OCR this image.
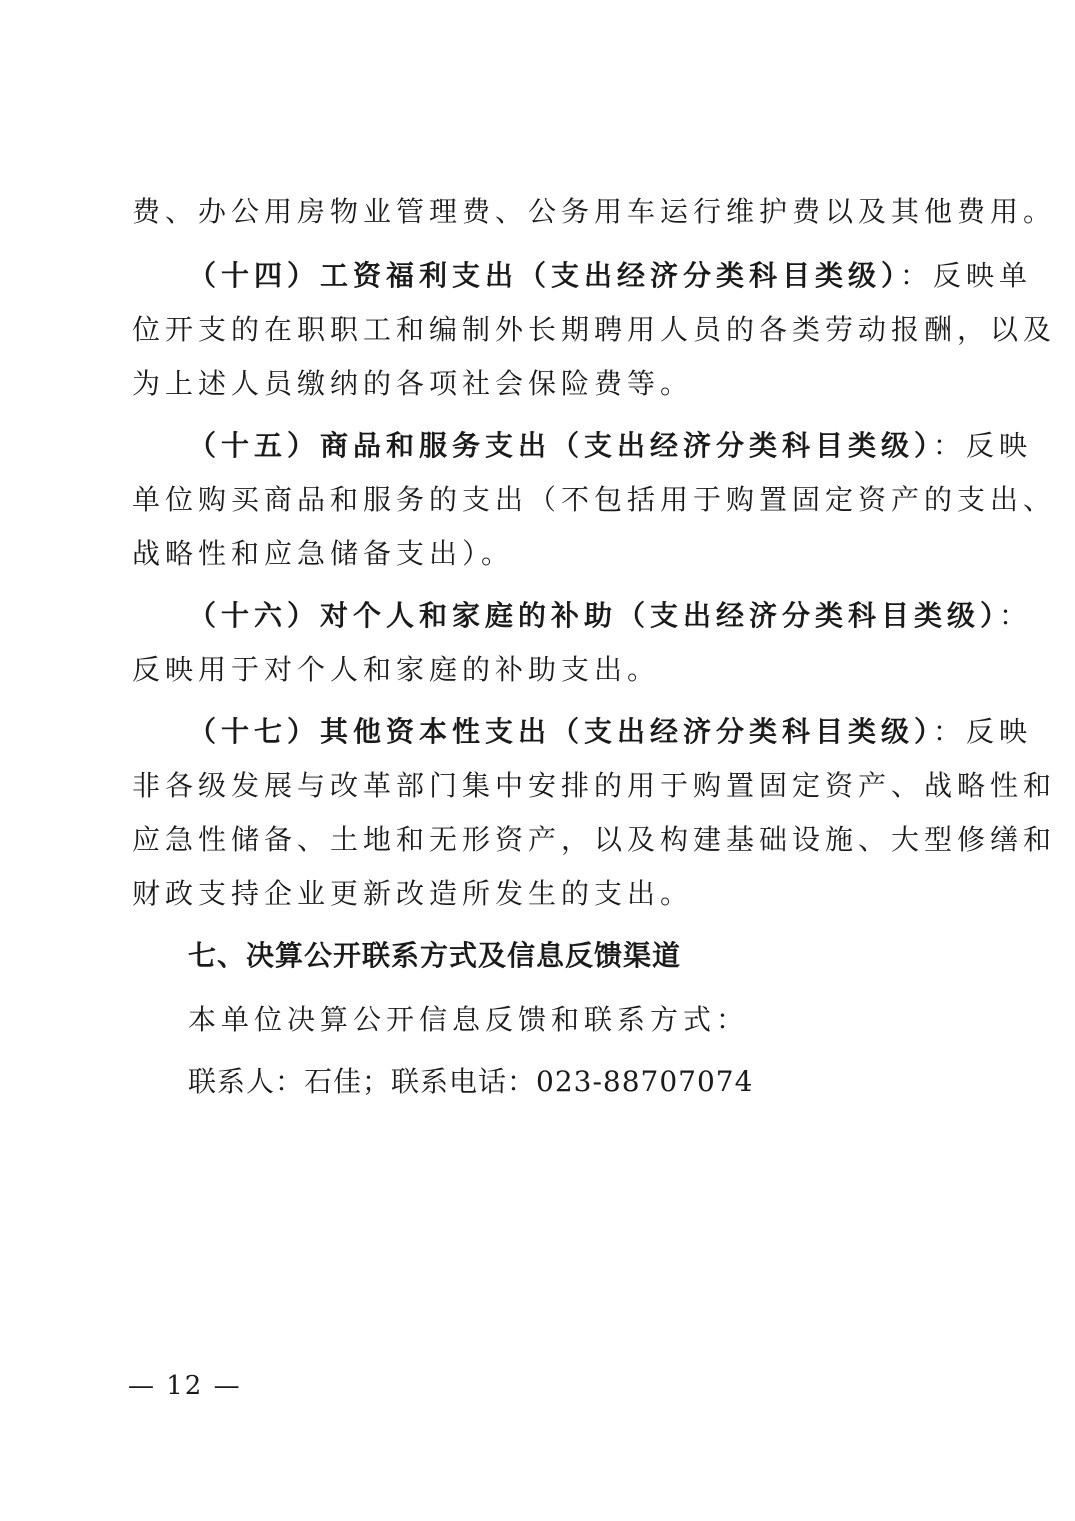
费、办公用房物业管理费、公务用车运行维护费以及其他费用。
（十四）工资福利支出（支出经济分类科目类级）：反映单
位开支的在职职工和编制外长期聘用人员的各类劳动报酬，以及
为上述人员缴纳的各项社会保险费等。
（十五）商品和服务支出（支出经济分类科目类级）：反映
单位购买商品和服务的支出（不包括用于购置固定资产的支出、
战略性和应急储备支出）。
（十六）对个人和家庭的补助（支出经济分类科目类级）：
反映用于对个人和家庭的补助支出。
（十七）其他资本性支出（支出经济分类科目类级）：反映
非各级发展与改革部门集中安排的用于购置固定资产、战略性和
应急性储备、土地和无形资产，以及构建基础设施、大型修缮和
财政支持企业更新改造所发生的支出。
七、决算公开联系方式及信息反馈渠道
本单位决算公开信息反馈和联系方式：
联系人：石佳；联系电话：023-88707074
— 12 —
